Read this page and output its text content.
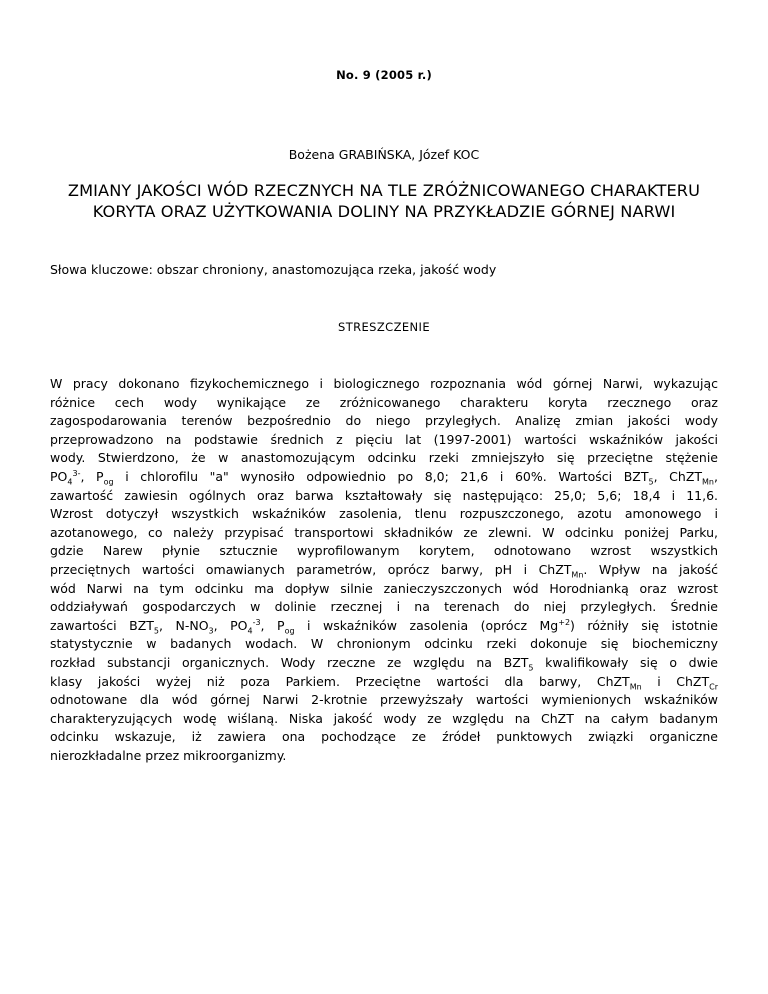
No. 9 (2005 r.)
Bożena GRABIŃSKA, Józef KOC
ZMIANY JAKOŚCI WÓD RZECZNYCH NA TLE ZRÓŻNICOWANEGO CHARAKTERU
KORYTA ORAZ UŻYTKOWANIA DOLINY NA PRZYKŁADZIE GÓRNEJ NARWI
Słowa kluczowe: obszar chroniony, anastomozująca rzeka, jakość wody
STRESZCZENIE
W pracy dokonano fizykochemicznego i biologicznego rozpoznania wód górnej Narwi, wykazując
różnice cech wody wynikające ze zróżnicowanego charakteru koryta rzecznego oraz
zagospodarowania terenów bezpośrednio do niego przyległych. Analizę zmian jakości wody
przeprowadzono na podstawie średnich z pięciu lat (1997-2001) wartości wskaźników jakości
wody. Stwierdzono, że w anastomozującym odcinku rzeki zmniejszyło się przeciętne stężenie
$PO_4^{3-}$, $P_{og}$ i chlorofilu "a" wynosiło odpowiednio po 8,0; 21,6 i 60%. Wartości $BZT_5$, ChZT$_{Mn}$,
zawartość zawiesin ogólnych oraz barwa kształtowały się następująco: 25,0; 5,6; 18,4 i 11,6.
Wzrost dotyczył wszystkich wskaźników zasolenia, tlenu rozpuszczonego, azotu amonowego i
azotanowego, co należy przypisać transportowi składników ze zlewni. W odcinku poniżej Parku,
gdzie Narew płynie sztucznie wyprofilowanym korytem, odnotowano wzrost wszystkich
przeciętnych wartości omawianych parametrów, oprócz barwy, pH i ChZT$_{Mn}$. Wpływ na jakość
wód Narwi na tym odcinku ma dopływ silnie zanieczyszczonych wód Horodnianką oraz wzrost
oddziaływań gospodarczych w dolinie rzecznej i na terenach do niej przyległych. Średnie
zawartości $BZT_5$, $N-NO_3$, $PO_4^{-3}$, $P_{og}$ i wskaźników zasolenia (oprócz $Mg^{+2}$) różniły się istotnie
statystycznie w badanych wodach. W chronionym odcinku rzeki dokonuje się biochemiczny
rozkład substancji organicznych. Wody rzeczne ze względu na $BZT_5$ kwalifikowały się o dwie
klasy jakości wyżej niż poza Parkiem. Przeciętne wartości dla barwy, ChZT$_{Mn}$ i ChZT$_{Cr}$
odnotowane dla wód górnej Narwi 2-krotnie przewyższały wartości wymienionych wskaźników
charakteryzujących wodę wiślaną. Niska jakość wody ze względu na ChZT na całym badanym
odcinku wskazuje, iż zawiera ona pochodzące ze źródeł punktowych związki organiczne
nierozkładalne przez mikroorganizmy.
